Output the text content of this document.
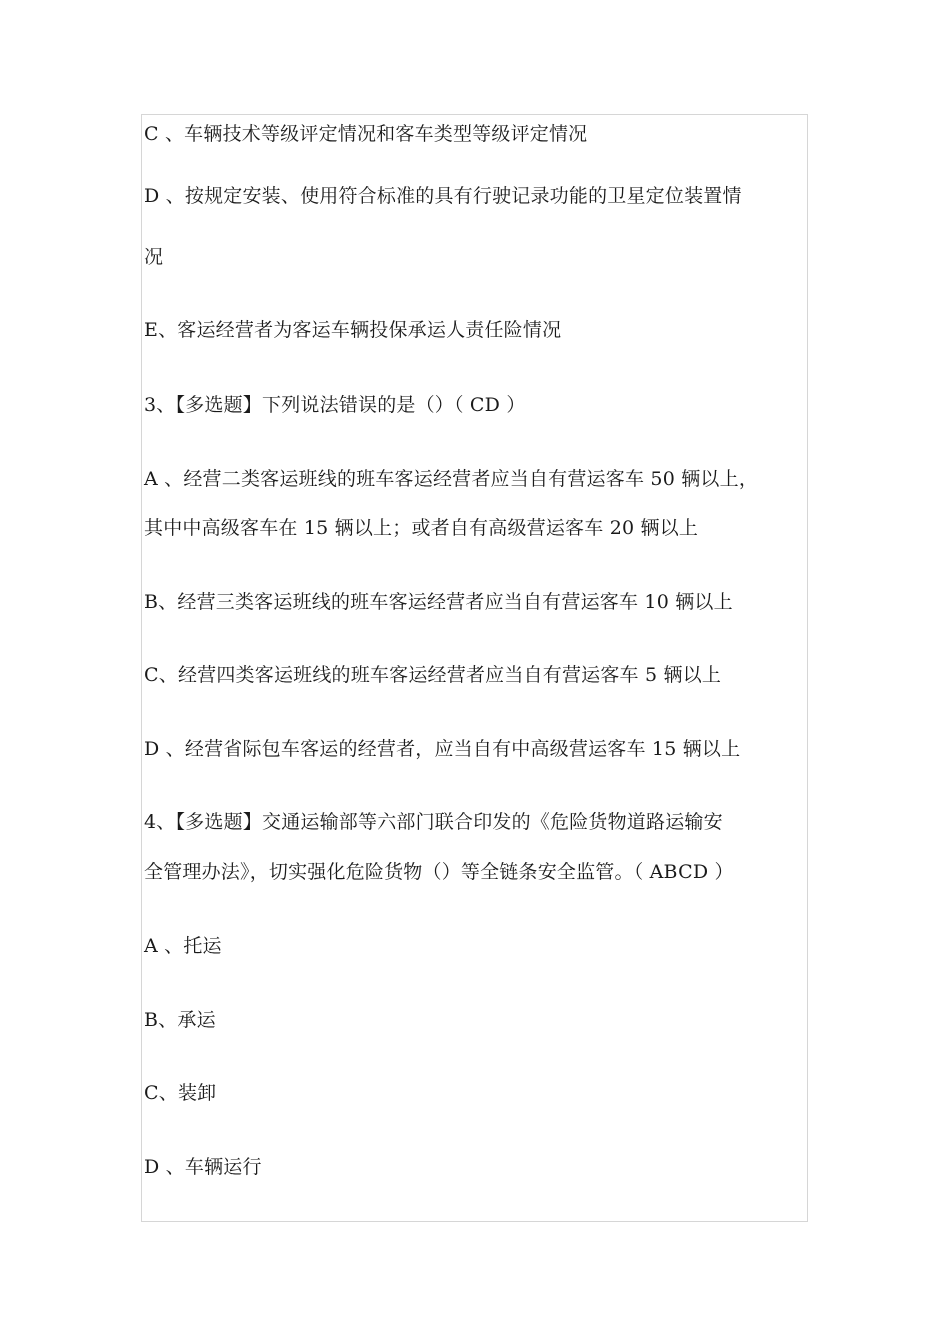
C 、车辆技术等级评定情况和客车类型等级评定情况
D 、按规定安装、使用符合标准的具有行驶记录功能的卫星定位装置情
况
E、客运经营者为客运车辆投保承运人责任险情况
3、【多选题】下列说法错误的是（）（ CD ）
A 、经营二类客运班线的班车客运经营者应当自有营运客车 50 辆以上，
其中中高级客车在 15 辆以上；或者自有高级营运客车 20 辆以上
B、经营三类客运班线的班车客运经营者应当自有营运客车 10 辆以上
C、经营四类客运班线的班车客运经营者应当自有营运客车 5 辆以上
D 、经营省际包车客运的经营者，应当自有中高级营运客车 15 辆以上
4、【多选题】交通运输部等六部门联合印发的《危险货物道路运输安
全管理办法》，切实强化危险货物（）等全链条安全监管。（ ABCD ）
A 、托运
B、承运
C、装卸
D 、车辆运行
